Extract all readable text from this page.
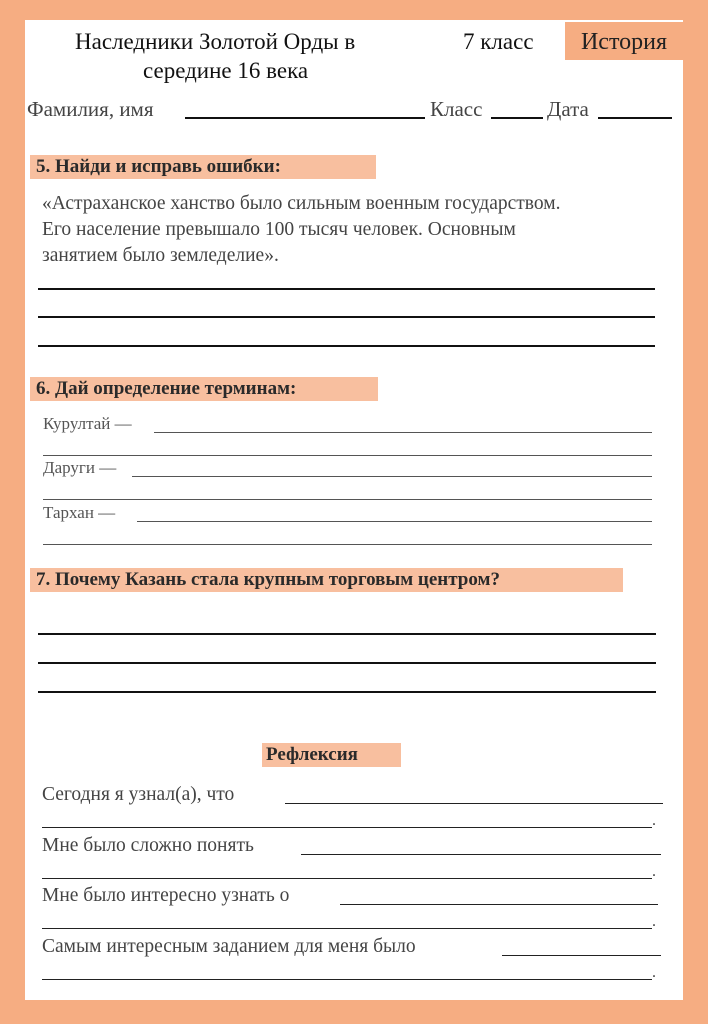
История
Наследники Золотой Орды в
середине 16 века
7 класс
Фамилия, имя	Класс	Дата
5. Найди и исправь ошибки:
«Астраханское ханство было сильным военным государством.
Его население превышало 100 тысяч человек. Основным
занятием было земледелие».
6. Дай определение терминам:
Курултай —
Даруги —
Тархан —
7. Почему Казань стала крупным торговым центром?
Рефлексия
Сегодня я узнал(а), что
.
Мне было сложно понять
.
Мне было интересно узнать о
.
Самым интересным заданием для меня было
.
